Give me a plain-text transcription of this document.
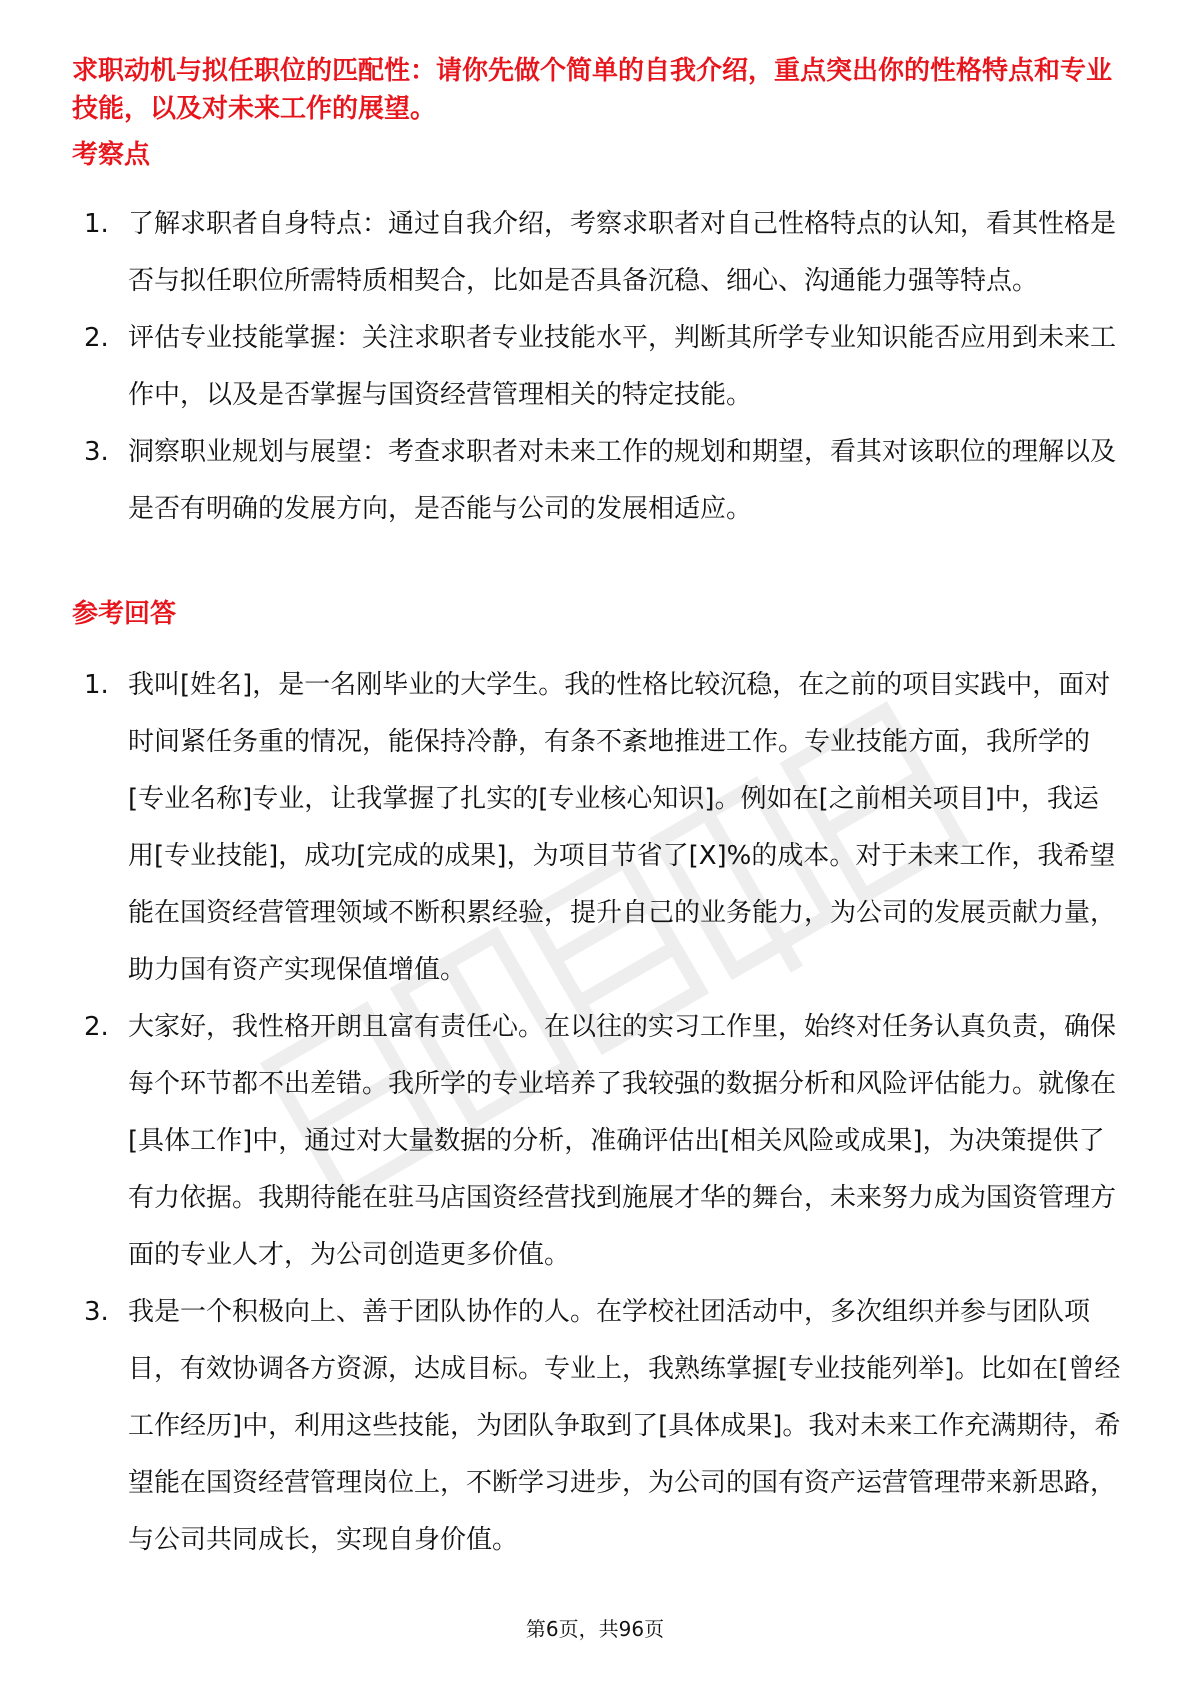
求职动机与拟任职位的匹配性：请你先做个简单的自我介绍，重点突出你的性格特点和专业技能，以及对未来工作的展望。
考察点
1. 了解求职者自身特点：通过自我介绍，考察求职者对自己性格特点的认知，看其性格是否与拟任职位所需特质相契合，比如是否具备沉稳、细心、沟通能力强等特点。
2. 评估专业技能掌握：关注求职者专业技能水平，判断其所学专业知识能否应用到未来工作中，以及是否掌握与国资经营管理相关的特定技能。
3. 洞察职业规划与展望：考查求职者对未来工作的规划和期望，看其对该职位的理解以及是否有明确的发展方向，是否能与公司的发展相适应。
参考回答
1. 我叫[姓名]，是一名刚毕业的大学生。我的性格比较沉稳，在之前的项目实践中，面对时间紧任务重的情况，能保持冷静，有条不紊地推进工作。专业技能方面，我所学的[专业名称]专业，让我掌握了扎实的[专业核心知识]。例如在[之前相关项目]中，我运用[专业技能]，成功[完成的成果]，为项目节省了[X]%的成本。对于未来工作，我希望能在国资经营管理领域不断积累经验，提升自己的业务能力，为公司的发展贡献力量，助力国有资产实现保值增值。
2. 大家好，我性格开朗且富有责任心。在以往的实习工作里，始终对任务认真负责，确保每个环节都不出差错。我所学的专业培养了我较强的数据分析和风险评估能力。就像在[具体工作]中，通过对大量数据的分析，准确评估出[相关风险或成果]，为决策提供了有力依据。我期待能在驻马店国资经营找到施展才华的舞台，未来努力成为国资管理方面的专业人才，为公司创造更多价值。
3. 我是一个积极向上、善于团队协作的人。在学校社团活动中，多次组织并参与团队项目，有效协调各方资源，达成目标。专业上，我熟练掌握[专业技能列举]。比如在[曾经工作经历]中，利用这些技能，为团队争取到了[具体成果]。我对未来工作充满期待，希望能在国资经营管理岗位上，不断学习进步，为公司的国有资产运营管理带来新思路，与公司共同成长，实现自身价值。
第6页，共96页
